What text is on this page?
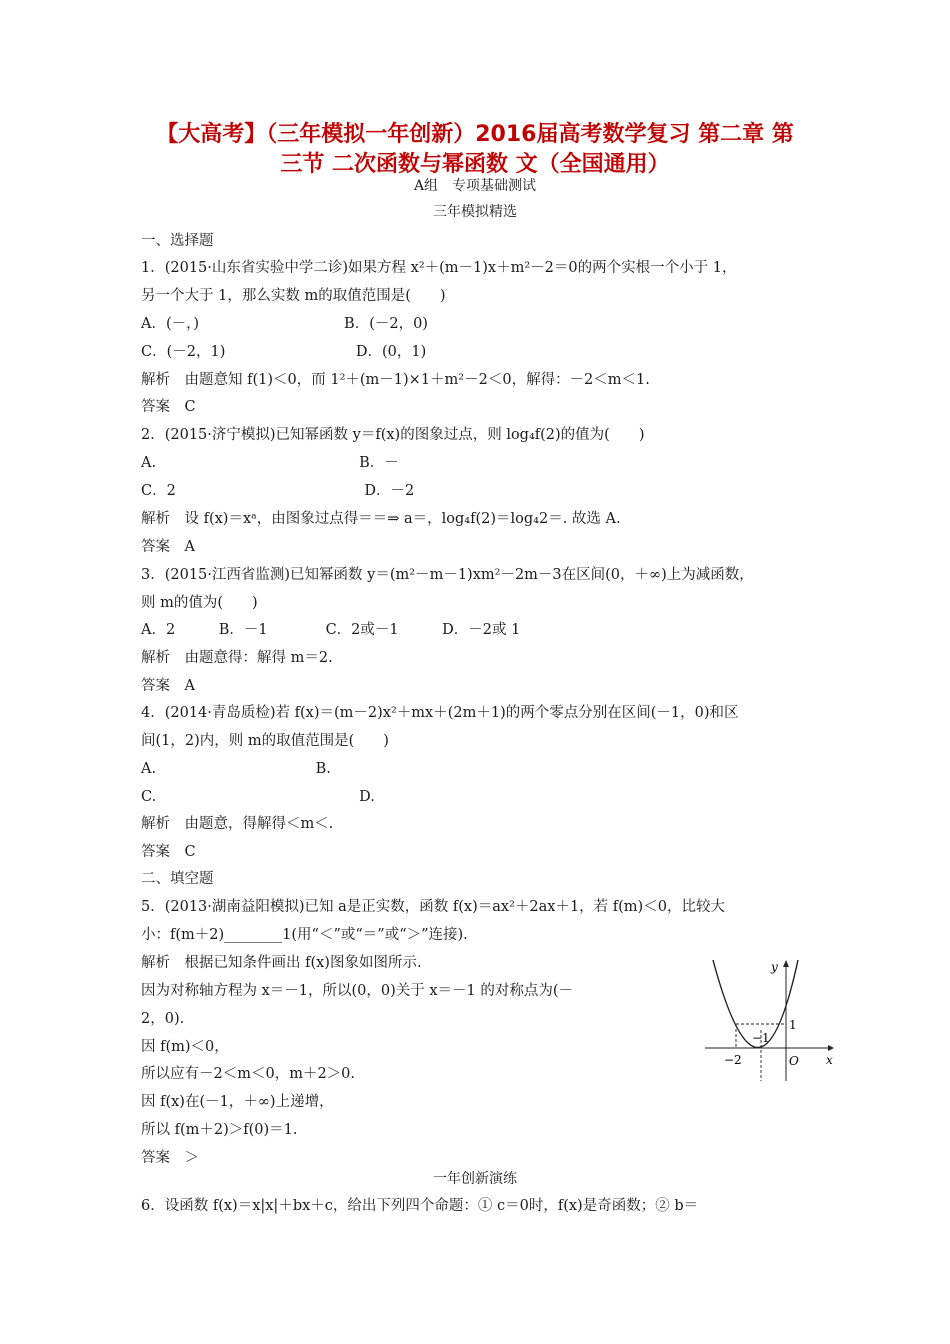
【大高考】（三年模拟一年创新）2016届高考数学复习 第二章 第
三节 二次函数与幂函数 文（全国通用）
A组　专项基础测试
三年模拟精选
一、选择题
1．(2015·山东省实验中学二诊)如果方程 x²＋(m－1)x＋m²－2＝0的两个实根一个小于 1，
另一个大于 1，那么实数 m的取值范围是(　　)
A．(－，)　　　　　　　　　　B．(－2，0)
C．(－2，1)　　　　　　　　　D．(0，1)
解析　由题意知 f(1)＜0，而 1²＋(m－1)×1＋m²－2＜0，解得：－2＜m＜1.
答案　C
2．(2015·济宁模拟)已知幂函数 y＝f(x)的图象过点，则 log₄f(2)的值为(　　)
A.　　　　　　　　　　　　　　B．－
C．2　　　　　　　　　　　　　D．－2
解析　设 f(x)＝xᵃ，由图象过点得＝＝⇒ a＝，log₄f(2)＝log₄2＝. 故选 A.
答案　A
3．(2015·江西省监测)已知幂函数 y＝(m²－m－1)xm²－2m－3在区间(0，＋∞)上为减函数，
则 m的值为(　　)
A．2　　　B．－1　　　　C．2或－1　　　D．－2或 1
解析　由题意得：解得 m＝2.
答案　A
4．(2014·青岛质检)若 f(x)＝(m－2)x²＋mx＋(2m＋1)的两个零点分别在区间(－1，0)和区
间(1，2)内，则 m的取值范围是(　　)
A.　　　　　　　　　　　B.
C.　　　　　　　　　　　　　　D.
解析　由题意，得解得＜m＜.
答案　C
二、填空题
5．(2013·湖南益阳模拟)已知 a是正实数，函数 f(x)＝ax²＋2ax＋1，若 f(m)＜0，比较大
小：f(m＋2)________1(用“＜”或“＝”或“＞”连接).
解析　根据已知条件画出 f(x)图象如图所示.
因为对称轴方程为 x＝－1，所以(0，0)关于 x＝－1 的对称点为(－
2，0).
因 f(m)＜0，
所以应有－2＜m＜0，m＋2＞0.
因 f(x)在(－1，＋∞)上递增，
所以 f(m＋2)＞f(0)＝1.
答案　＞
一年创新演练
6．设函数 f(x)＝x|x|＋bx＋c，给出下列四个命题：① c＝0时，f(x)是奇函数；② b＝
y
x
O
1
−1
−2
